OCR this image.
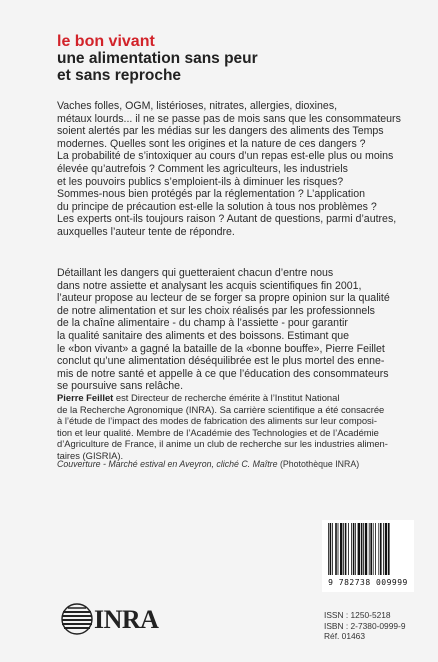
le bon vivant
une alimentation sans peur
et sans reproche
Vaches folles, OGM, listérioses, nitrates, allergies, dioxines,
métaux lourds... il ne se passe pas de mois sans que les consommateurs
soient alertés par les médias sur les dangers des aliments des Temps
modernes. Quelles sont les origines et la nature de ces dangers ?
La probabilité de s’intoxiquer au cours d’un repas est-elle plus ou moins
élevée qu’autrefois ? Comment les agriculteurs, les industriels
et les pouvoirs publics s’emploient-ils à diminuer les risques?
Sommes-nous bien protégés par la réglementation ? L’application
du principe de précaution est-elle la solution à tous nos problèmes ?
Les experts ont-ils toujours raison ? Autant de questions, parmi d’autres,
auxquelles l’auteur tente de répondre.
Détaillant les dangers qui guetteraient chacun d’entre nous
dans notre assiette et analysant les acquis scientifiques fin 2001,
l’auteur propose au lecteur de se forger sa propre opinion sur la qualité
de notre alimentation et sur les choix réalisés par les professionnels
de la chaîne alimentaire - du champ à l’assiette - pour garantir
la qualité sanitaire des aliments et des boissons. Estimant que
le «bon vivant» a gagné la bataille de la «bonne bouffe», Pierre Feillet
conclut qu’une alimentation déséquilibrée est le plus mortel des enne-
mis de notre santé et appelle à ce que l’éducation des consommateurs
se poursuive sans relâche.
Pierre Feillet est Directeur de recherche émérite à l’Institut National
de la Recherche Agronomique (INRA). Sa carrière scientifique a été consacrée
à l’étude de l’impact des modes de fabrication des aliments sur leur composi-
tion et leur qualité. Membre de l’Académie des Technologies et de l’Académie
d’Agriculture de France, il anime un club de recherche sur les industries alimen-
taires (GISRIA).
Couverture - Marché estival en Aveyron, cliché C. Maître (Photothèque INRA)
9 782738 009999
INRA	ISSN : 1250-5218
ISBN : 2-7380-0999-9
Réf. 01463
